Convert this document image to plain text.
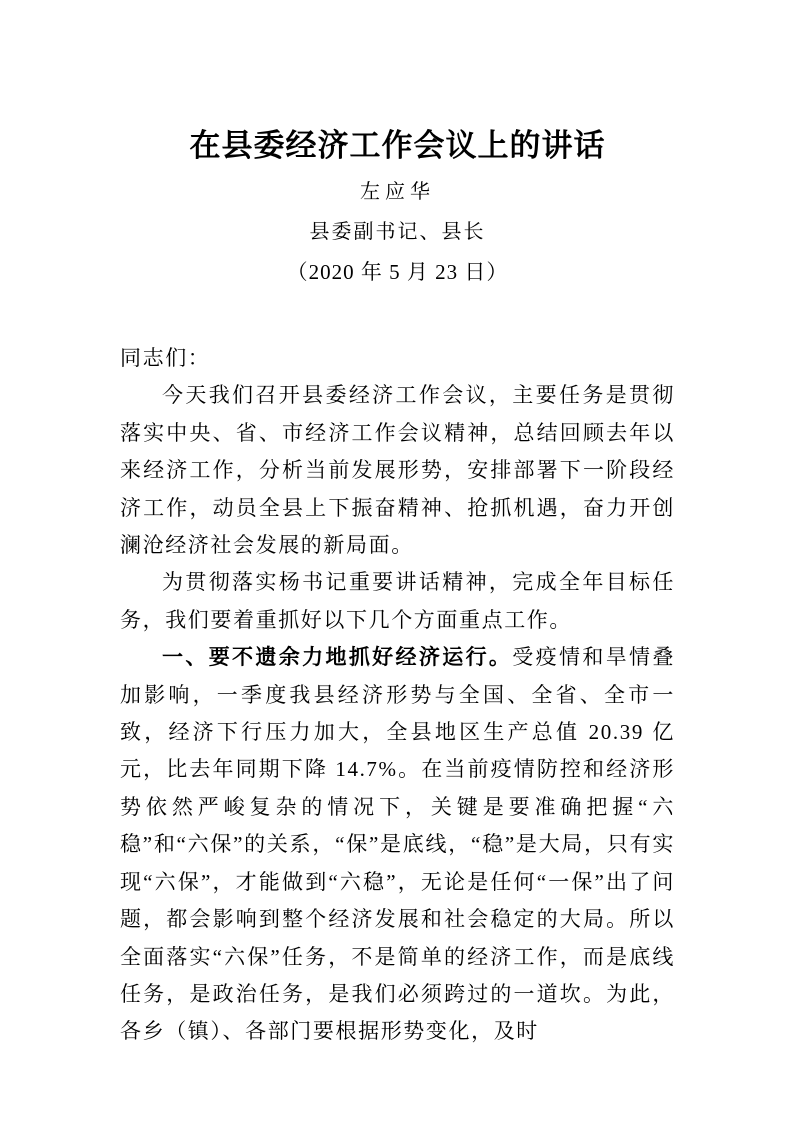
在县委经济工作会议上的讲话
左应华
县委副书记、县长
（2020 年 5 月 23 日）

同志们：

今天我们召开县委经济工作会议，主要任务是贯彻落实中央、省、市经济工作会议精神，总结回顾去年以来经济工作，分析当前发展形势，安排部署下一阶段经济工作，动员全县上下振奋精神、抢抓机遇，奋力开创澜沧经济社会发展的新局面。

为贯彻落实杨书记重要讲话精神，完成全年目标任务，我们要着重抓好以下几个方面重点工作。

一、要不遗余力地抓好经济运行。受疫情和旱情叠加影响，一季度我县经济形势与全国、全省、全市一致，经济下行压力加大，全县地区生产总值 20.39 亿元，比去年同期下降 14.7%。在当前疫情防控和经济形势依然严峻复杂的情况下，关键是要准确把握“六稳”和“六保”的关系，“保”是底线，“稳”是大局，只有实现“六保”，才能做到“六稳”，无论是任何“一保”出了问题，都会影响到整个经济发展和社会稳定的大局。所以全面落实“六保”任务，不是简单的经济工作，而是底线任务，是政治任务，是我们必须跨过的一道坎。为此，各乡（镇）、各部门要根据形势变化，及时
